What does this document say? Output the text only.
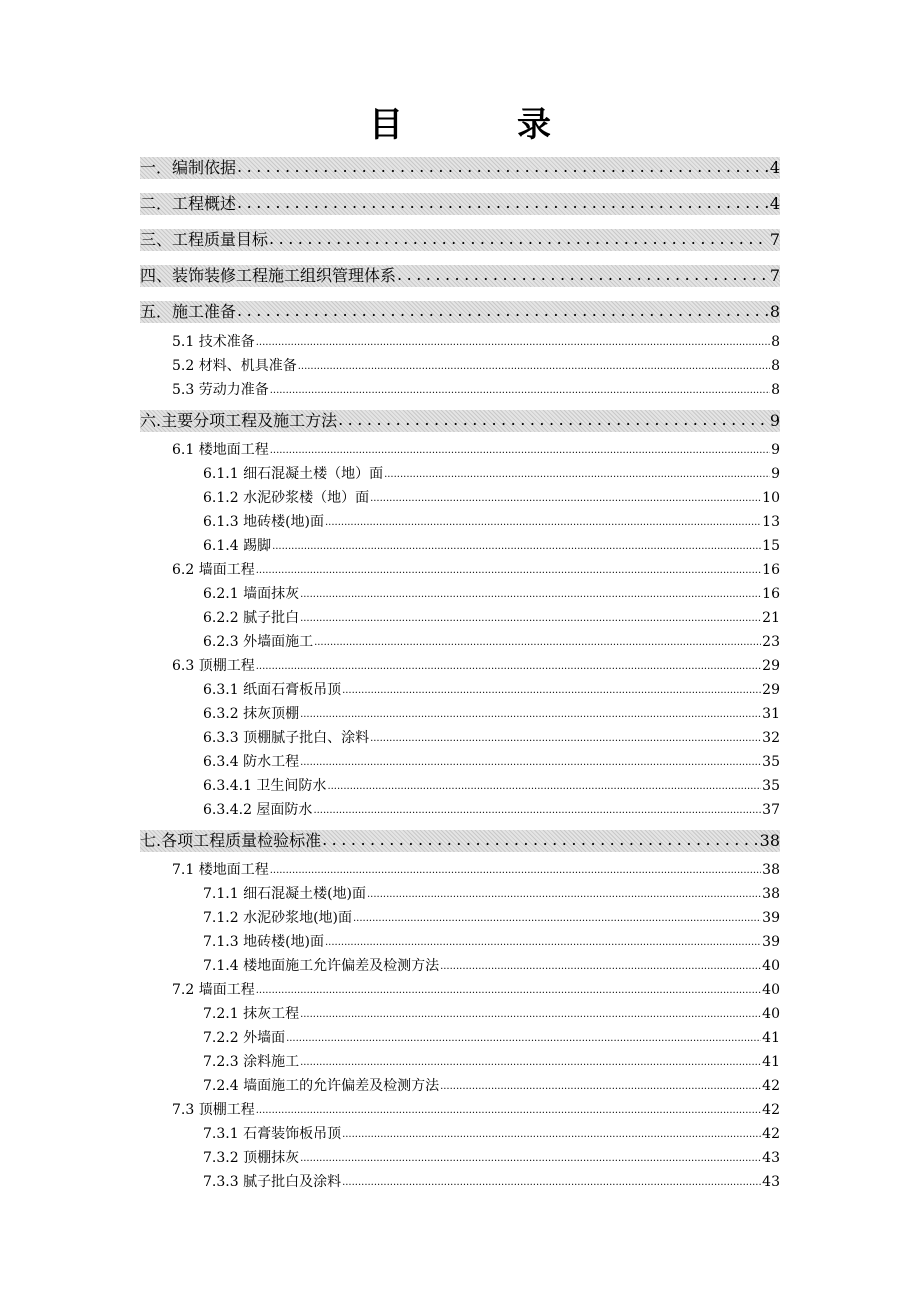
目　录
一．编制依据 .....	4
二．工程概述 .....	4
三、工程质量目标 .....	7
四、装饰装修工程施工组织管理体系 .....	7
五．施工准备 .....	8
5.1 技术准备 .....	8
5.2 材料、机具准备 .....	8
5.3 劳动力准备 .....	8
六.主要分项工程及施工方法 .....	9
6.1 楼地面工程 .....	9
6.1.1 细石混凝土楼（地）面 .....	9
6.1.2 水泥砂浆楼（地）面 .....	10
6.1.3 地砖楼(地)面 .....	13
6.1.4 踢脚 .....	15
6.2 墙面工程 .....	16
6.2.1 墙面抹灰 .....	16
6.2.2 腻子批白 .....	21
6.2.3 外墙面施工 .....	23
6.3 顶棚工程 .....	29
6.3.1 纸面石膏板吊顶 .....	29
6.3.2 抹灰顶棚 .....	31
6.3.3 顶棚腻子批白、涂料 .....	32
6.3.4 防水工程 .....	35
6.3.4.1 卫生间防水 .....	35
6.3.4.2 屋面防水 .....	37
七.各项工程质量检验标准 .....	38
7.1 楼地面工程 .....	38
7.1.1 细石混凝土楼(地)面 .....	38
7.1.2 水泥砂浆地(地)面 .....	39
7.1.3 地砖楼(地)面 .....	39
7.1.4 楼地面施工允许偏差及检测方法 .....	40
7.2 墙面工程 .....	40
7.2.1 抹灰工程 .....	40
7.2.2 外墙面 .....	41
7.2.3 涂料施工 .....	41
7.2.4 墙面施工的允许偏差及检测方法 .....	42
7.3 顶棚工程 .....	42
7.3.1 石膏装饰板吊顶 .....	42
7.3.2 顶棚抹灰 .....	43
7.3.3 腻子批白及涂料 .....	43
